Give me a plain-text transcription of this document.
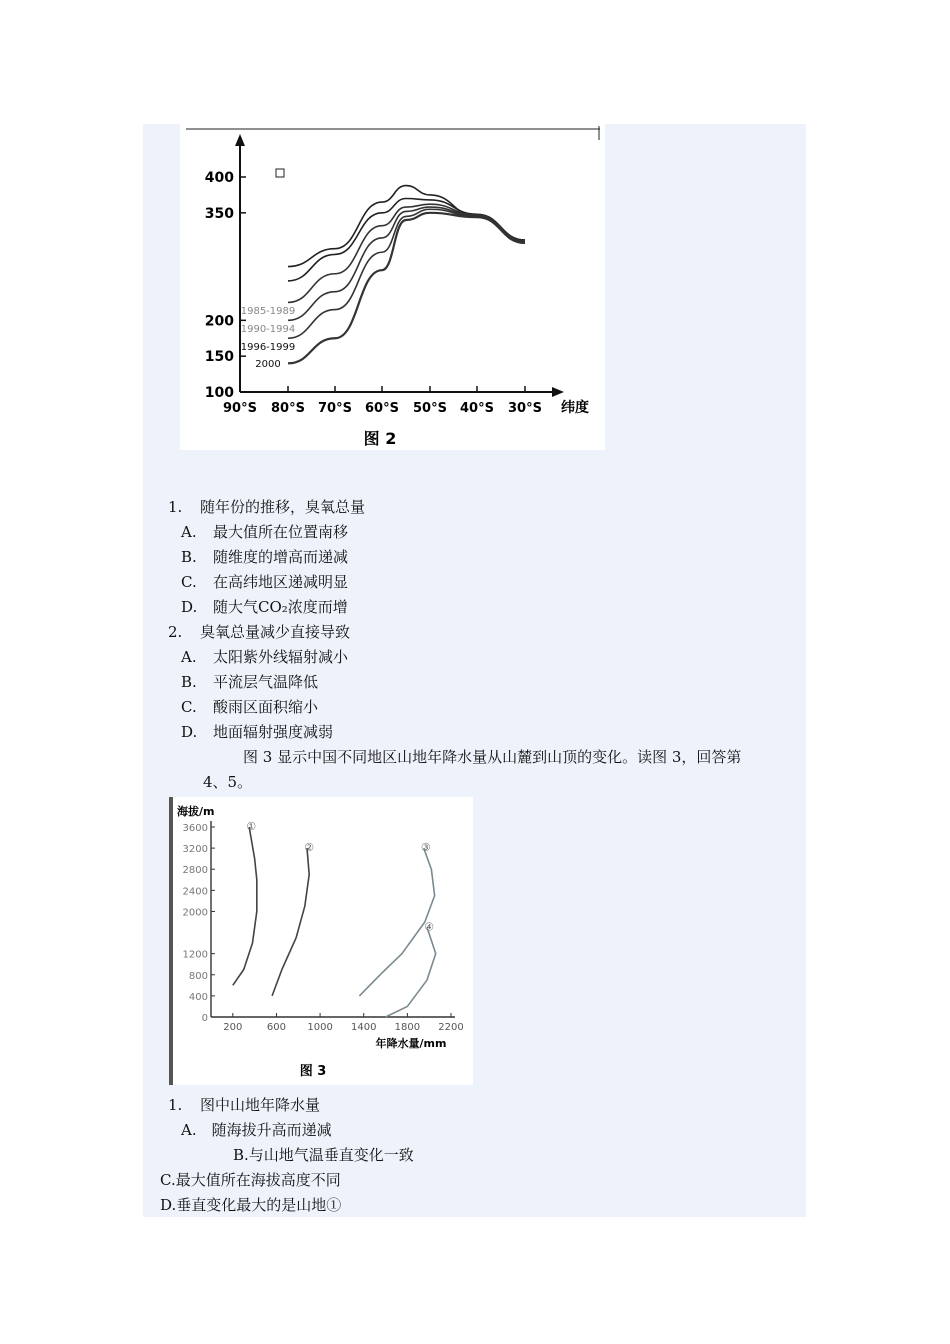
400
350
200
150
100
90°S 80°S 70°S 60°S 50°S 40°S 30°S 纬度
1985-1989
1990-1994
1996-1999
2000
图 2
1. 随年份的推移，臭氧总量
A. 最大值所在位置南移
B. 随维度的增高而递减
C. 在高纬地区递减明显
D. 随大气CO₂浓度而增
2. 臭氧总量减少直接导致
A. 太阳紫外线辐射减小
B. 平流层气温降低
C. 酸雨区面积缩小
D. 地面辐射强度减弱
图 3 显示中国不同地区山地年降水量从山麓到山顶的变化。读图 3，回答第
4、5。
海拔/m
3600
3200
2800
2400
2000
1200
800
400
0
200 600 1000 1400 1800 2200
①
②	③
④
年降水量/mm
图 3
1. 图中山地年降水量
A.　随海拔升高而递减
B.与山地气温垂直变化一致
C.最大值所在海拔高度不同
D.垂直变化最大的是山地①
